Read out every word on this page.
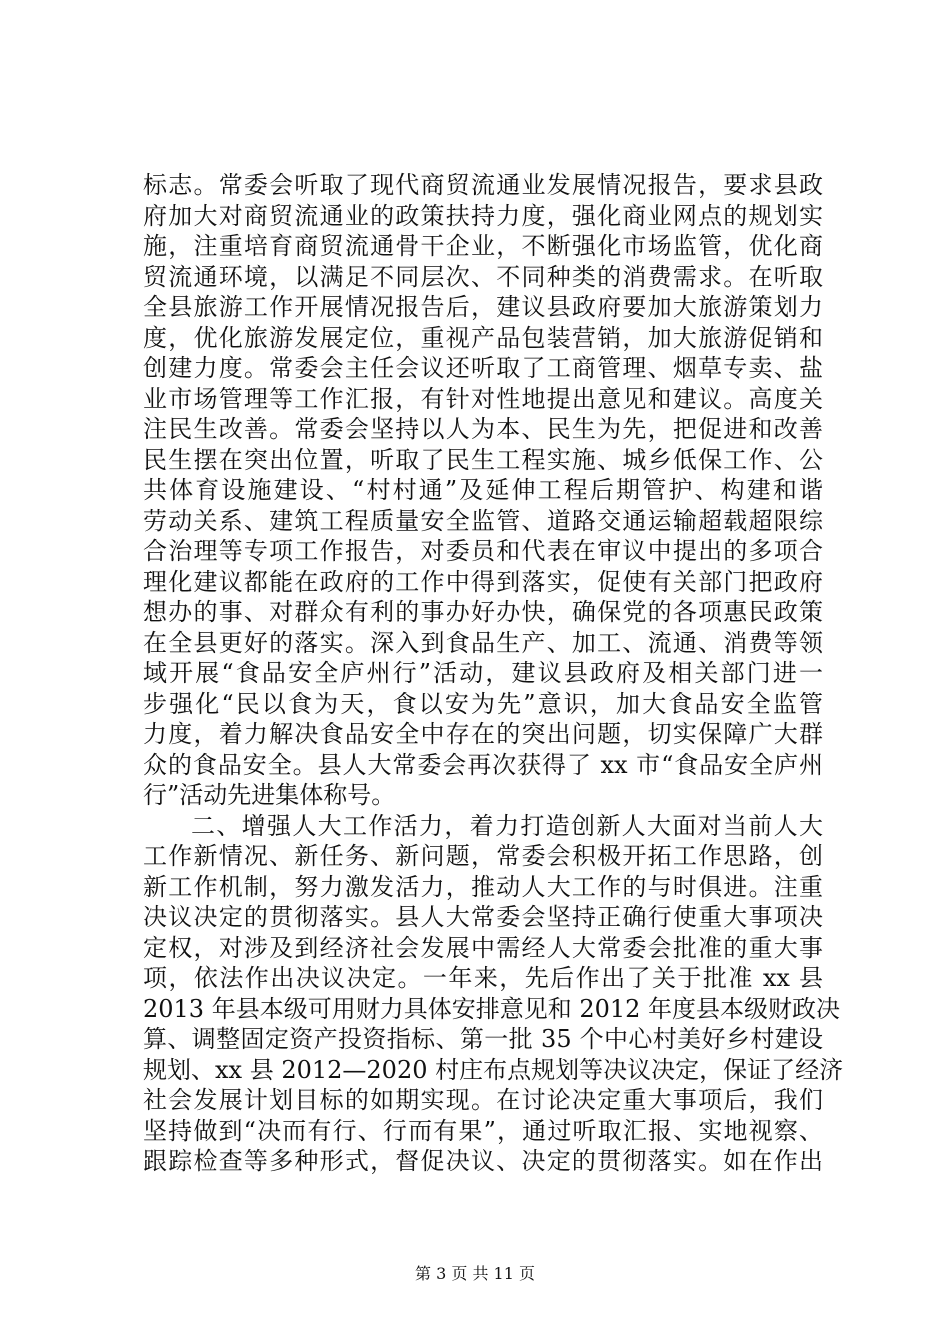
标志。常委会听取了现代商贸流通业发展情况报告，要求县政
府加大对商贸流通业的政策扶持力度，强化商业网点的规划实
施，注重培育商贸流通骨干企业，不断强化市场监管，优化商
贸流通环境，以满足不同层次、不同种类的消费需求。在听取
全县旅游工作开展情况报告后，建议县政府要加大旅游策划力
度，优化旅游发展定位，重视产品包装营销，加大旅游促销和
创建力度。常委会主任会议还听取了工商管理、烟草专卖、盐
业市场管理等工作汇报，有针对性地提出意见和建议。高度关
注民生改善。常委会坚持以人为本、民生为先，把促进和改善
民生摆在突出位置，听取了民生工程实施、城乡低保工作、公
共体育设施建设、“村村通”及延伸工程后期管护、构建和谐
劳动关系、建筑工程质量安全监管、道路交通运输超载超限综
合治理等专项工作报告，对委员和代表在审议中提出的多项合
理化建议都能在政府的工作中得到落实，促使有关部门把政府
想办的事、对群众有利的事办好办快，确保党的各项惠民政策
在全县更好的落实。深入到食品生产、加工、流通、消费等领
域开展“食品安全庐州行”活动，建议县政府及相关部门进一
步强化“民以食为天，食以安为先”意识，加大食品安全监管
力度，着力解决食品安全中存在的突出问题，切实保障广大群
众的食品安全。县人大常委会再次获得了 xx 市“食品安全庐州
行”活动先进集体称号。
二、增强人大工作活力，着力打造创新人大面对当前人大
工作新情况、新任务、新问题，常委会积极开拓工作思路，创
新工作机制，努力激发活力，推动人大工作的与时俱进。注重
决议决定的贯彻落实。县人大常委会坚持正确行使重大事项决
定权，对涉及到经济社会发展中需经人大常委会批准的重大事
项，依法作出决议决定。一年来，先后作出了关于批准 xx 县
2013 年县本级可用财力具体安排意见和 2012 年度县本级财政决
算、调整固定资产投资指标、第一批 35 个中心村美好乡村建设
规划、xx 县 2012—2020 村庄布点规划等决议决定，保证了经济
社会发展计划目标的如期实现。在讨论决定重大事项后，我们
坚持做到“决而有行、行而有果”，通过听取汇报、实地视察、
跟踪检查等多种形式，督促决议、决定的贯彻落实。如在作出
第 3 页 共 11 页
